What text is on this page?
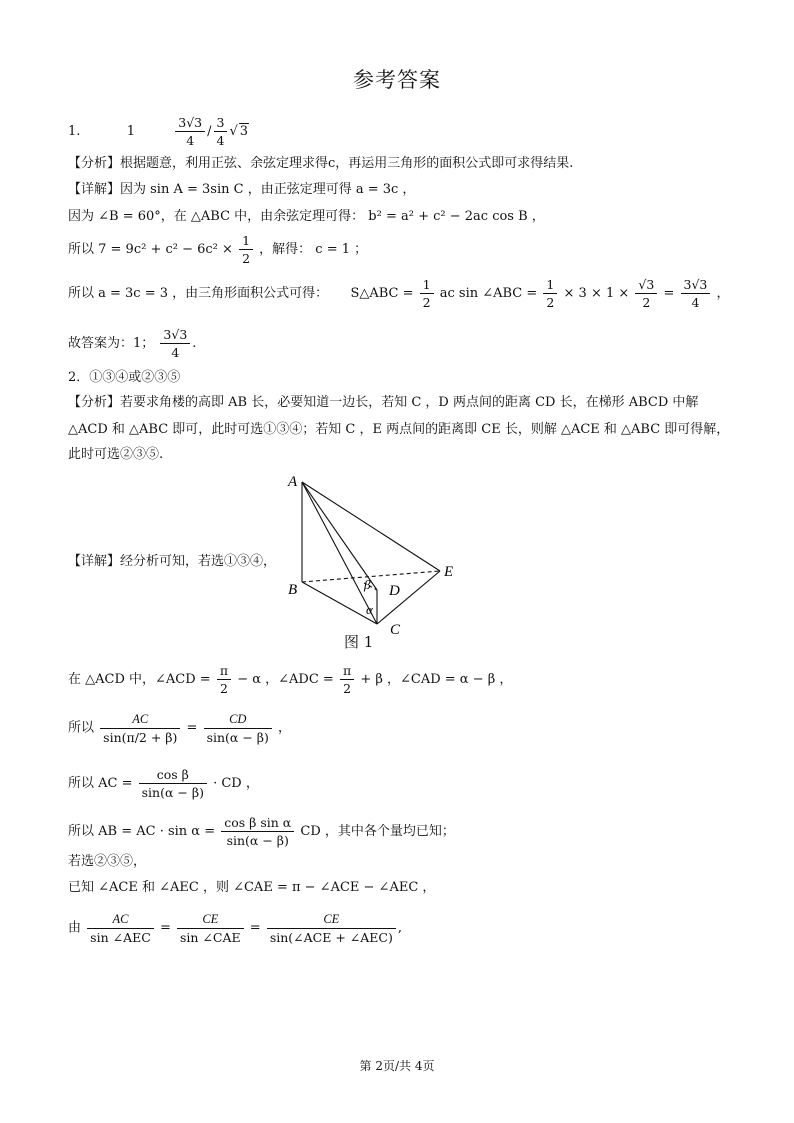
参考答案
1.	1	$\frac{3√3}{4} / \frac{3}{4}$ √ 3
【分析】根据题意，利用正弦、余弦定理求得c，再运用三角形的面积公式即可求得结果.
【详解】因为 sin A = 3sin C ，由正弦定理可得 a = 3c ，
因为 ∠B = 60°，在 △ABC 中，由余弦定理可得： b² = a² + c² − 2ac cos B ，
所以 $7 = 9c^2 + c^2 - 6c^2 \times \frac{1}{2}$ ，解得： c = 1 ；
所以 a = 3c = 3 ，由三角形面积公式可得： S△ABC = $\frac{1}{2}$ ac sin ∠ABC = $\frac{1}{2} \times 3 \times 1 \times \frac{√3}{2} = \frac{3√3}{4}$ ，
故答案为：1； $\frac{3√3}{4}$ .
2．①③④或②③⑤
【分析】若要求角楼的高即 AB 长，必要知道一边长，若知 C ，D 两点间的距离 CD 长，在梯形 ABCD 中解
△ACD 和 △ABC 即可，此时可选①③④；若知 C ，E 两点间的距离即 CE 长，则解 △ACE 和 △ABC 即可得解，
此时可选②③⑤.
【详解】经分析可知，若选①③④，
A
B
C
D
E
β
α
图 1
在 △ACD 中，∠ACD = $\frac{\pi}{2} - \alpha$ ，∠ADC = $\frac{\pi}{2} + \beta$ ，∠CAD = α − β ，
所以 $\frac{AC}{\sin(\pi/2 + \beta)} = \frac{CD}{\sin(\alpha - \beta)}$ ，
所以 AC = $\frac{\text{cos β}}{\sin(\alpha - \beta)}$ · CD ，
所以 AB = AC · $\sin \alpha = \frac{\text{cos β sin α}}{\sin(\alpha - \beta)}$ CD ，其中各个量均已知；
若选②③⑤，
已知 ∠ACE 和 ∠AEC ，则 ∠CAE = π − ∠ACE − ∠AEC ，
由 $\frac{AC}{\text{sin ∠AEC}} = \frac{CE}{\text{sin ∠CAE}} = \frac{CE}{\text{sin(∠ACE + ∠AEC)}}$ ,
第 2页/共 4页
